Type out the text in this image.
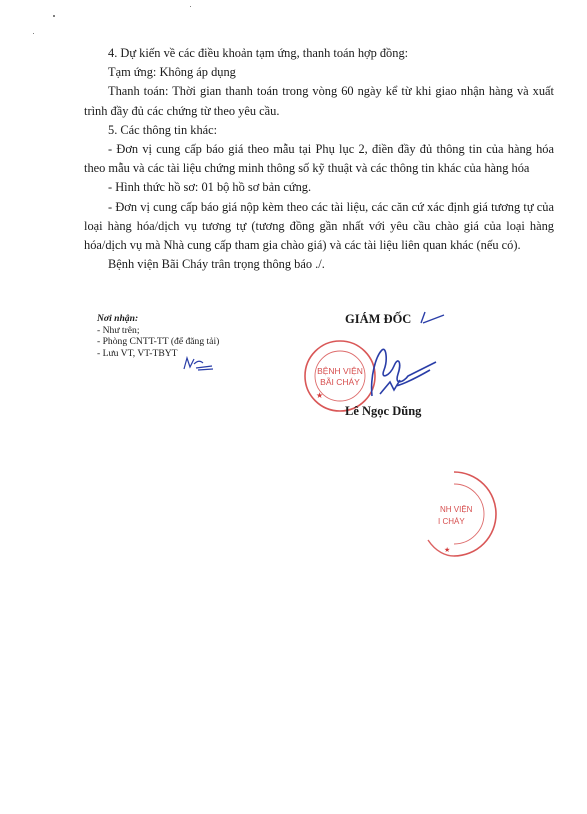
4. Dự kiến về các điều khoản tạm ứng, thanh toán hợp đồng:

Tạm ứng: Không áp dụng

Thanh toán: Thời gian thanh toán trong vòng 60 ngày kể từ khi giao nhận hàng và xuất trình đầy đủ các chứng từ theo yêu cầu.

5. Các thông tin khác:

- Đơn vị cung cấp báo giá theo mẫu tại Phụ lục 2, điền đầy đủ thông tin của hàng hóa theo mẫu và các tài liệu chứng minh thông số kỹ thuật và các thông tin khác của hàng hóa

- Hình thức hồ sơ: 01 bộ hồ sơ bản cứng.

- Đơn vị cung cấp báo giá nộp kèm theo các tài liệu, các căn cứ xác định giá tương tự của loại hàng hóa/dịch vụ tương tự (tương đồng gần nhất với yêu cầu chào giá của loại hàng hóa/dịch vụ mà Nhà cung cấp tham gia chào giá) và các tài liệu liên quan khác (nếu có).

Bệnh viện Bãi Cháy trân trọng thông báo ./.

Nơi nhận:
- Như trên;
- Phòng CNTT-TT (để đăng tải)
- Lưu VT, VT-TBYT
BỆNH VIỆN
BÃI CHÁY
★
GIÁM ĐỐC
Lê Ngọc Dũng
NH VIỆN
I CHÁY
★
